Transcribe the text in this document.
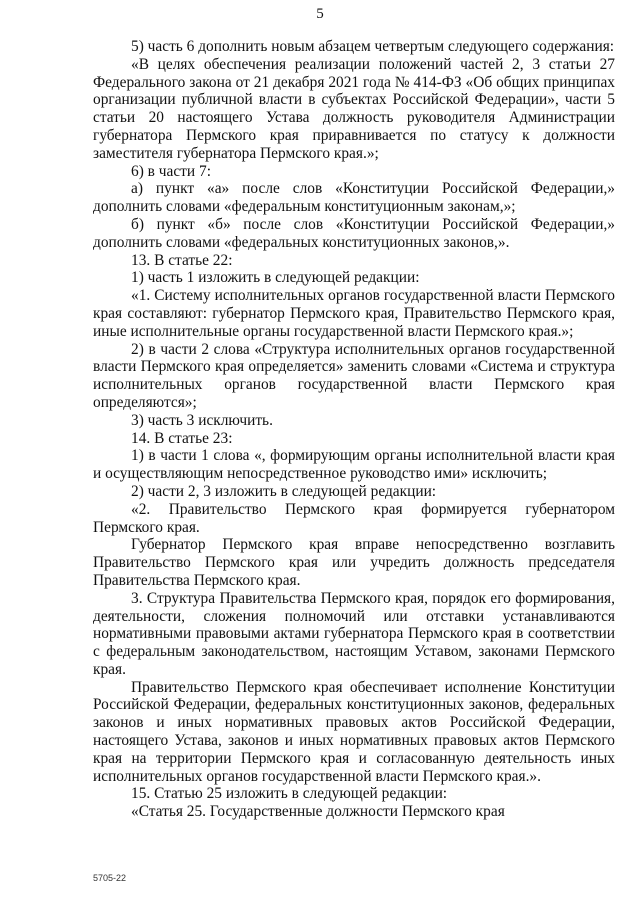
5

5) часть 6 дополнить новым абзацем четвертым следующего содержания:

«В целях обеспечения реализации положений частей 2, 3 статьи 27 Федерального закона от 21 декабря 2021 года № 414-ФЗ «Об общих принципах организации публичной власти в субъектах Российской Федерации», части 5 статьи 20 настоящего Устава должность руководителя Администрации губернатора Пермского края приравнивается по статусу к должности заместителя губернатора Пермского края.»;

6) в части 7:

а) пункт «а» после слов «Конституции Российской Федерации,» дополнить словами «федеральным конституционным законам,»;

б) пункт «б» после слов «Конституции Российской Федерации,» дополнить словами «федеральных конституционных законов,».

13. В статье 22:

1) часть 1 изложить в следующей редакции:

«1. Систему исполнительных органов государственной власти Пермского края составляют: губернатор Пермского края, Правительство Пермского края, иные исполнительные органы государственной власти Пермского края.»;

2) в части 2 слова «Структура исполнительных органов государственной власти Пермского края определяется» заменить словами «Система и структура исполнительных органов государственной власти Пермского края определяются»;

3) часть 3 исключить.

14. В статье 23:

1) в части 1 слова «, формирующим органы исполнительной власти края и осуществляющим непосредственное руководство ими» исключить;

2) части 2, 3 изложить в следующей редакции:

«2. Правительство Пермского края формируется губернатором Пермского края.

Губернатор Пермского края вправе непосредственно возглавить Правительство Пермского края или учредить должность председателя Правительства Пермского края.

3. Структура Правительства Пермского края, порядок его формирования, деятельности, сложения полномочий или отставки устанавливаются нормативными правовыми актами губернатора Пермского края в соответствии с федеральным законодательством, настоящим Уставом, законами Пермского края.

Правительство Пермского края обеспечивает исполнение Конституции Российской Федерации, федеральных конституционных законов, федеральных законов и иных нормативных правовых актов Российской Федерации, настоящего Устава, законов и иных нормативных правовых актов Пермского края на территории Пермского края и согласованную деятельность иных исполнительных органов государственной власти Пермского края.».

15. Статью 25 изложить в следующей редакции:

«Статья 25. Государственные должности Пермского края

5705-22
